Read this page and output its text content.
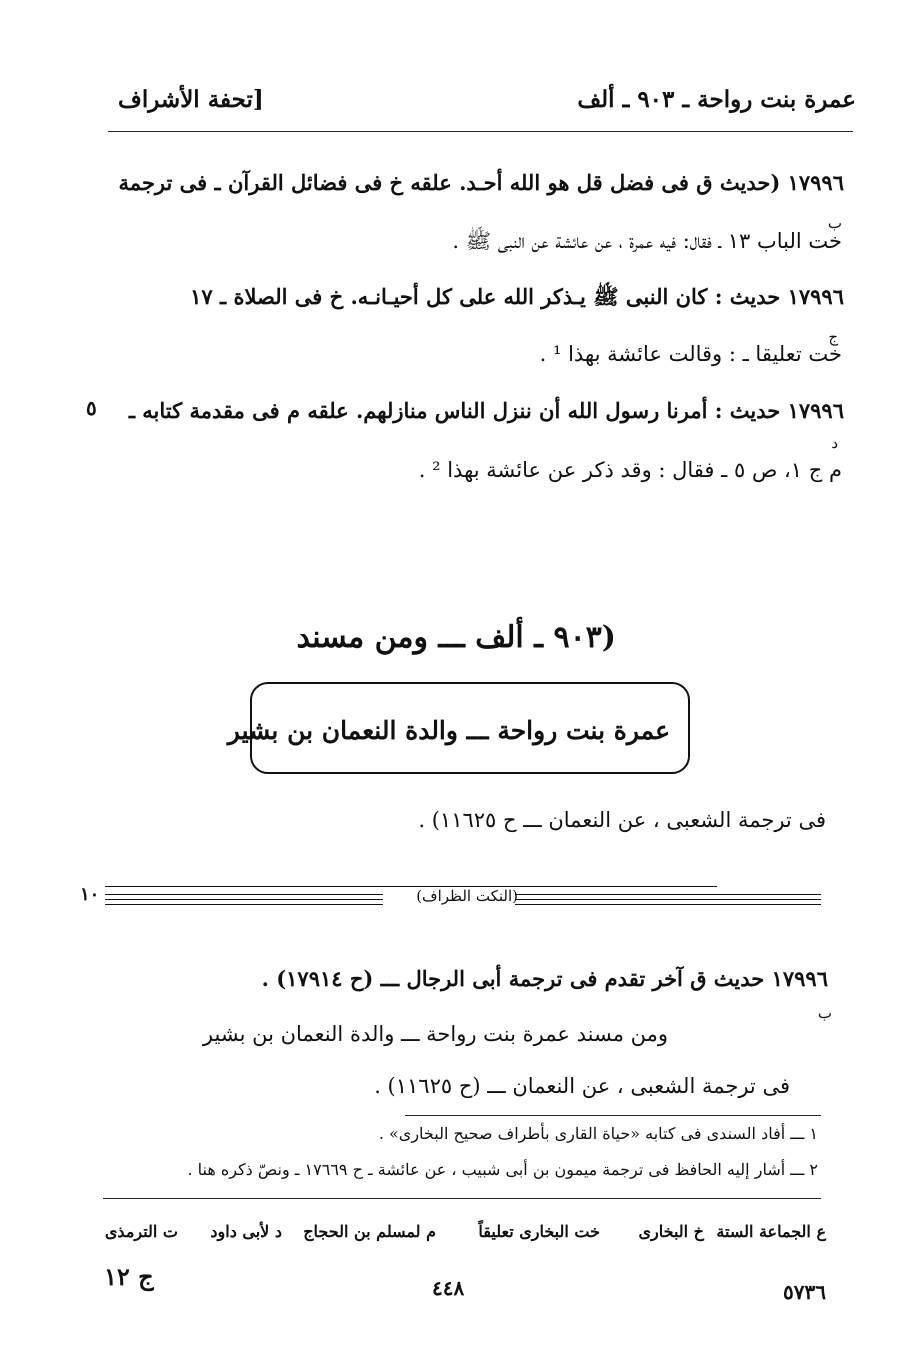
عمرة بنت رواحة ـ ٩٠٣ ـ ألف
[تحفة الأشراف
١٧٩٩٦ (حديث ق فى فضل قل هو الله أحـد. علقه خ فى فضائل القرآن ـ فى ترجمة
ب
خت الباب ١٣ ـ فقال: فيه عمرة ، عن عائشة عن النبى ﷺ .
١٧٩٩٦ حديث : كان النبى ﷺ يـذكر الله على كل أحيـانـه. خ فى الصلاة ـ ١٧
ج
خت تعليقا ـ : وقالت عائشة بهذا ¹ .
١٧٩٩٦ حديث : أمرنا رسول الله أن ننزل الناس منازلهم. علقه م فى مقدمة كتابه ـ
٥
د
م ج ١، ص ٥ ـ فقال : وقد ذكر عن عائشة بهذا ² .
(٩٠٣ ـ ألف ـــ ومن مسند
عمرة بنت رواحة ـــ والدة النعمان بن بشير
فى ترجمة الشعبى ، عن النعمان ـــ ح ١١٦٢٥) .
(النكت الظراف)
١٠
١٧٩٩٦ حديث ق آخر تقدم فى ترجمة أبى الرجال ـــ (ح ١٧٩١٤) .
ب
ومن مسند عمرة بنت رواحة ـــ والدة النعمان بن بشير
فى ترجمة الشعبى ، عن النعمان ـــ (ح ١١٦٢٥) .
١ ـــ أفاد السندى فى كتابه «حياة القارى بأطراف صحيح البخارى» .
٢ ـــ أشار إليه الحافظ فى ترجمة ميمون بن أبى شبيب ، عن عائشة ـ ح ١٧٦٦٩ ـ ونصّ ذكره هنا .
ع الجماعة الستة
خ البخارى
خت البخارى تعليقاً
م لمسلم بن الحجاج
د لأبى داود
ت الترمذى
٥٧٣٦
٤٤٨
ج ١٢
